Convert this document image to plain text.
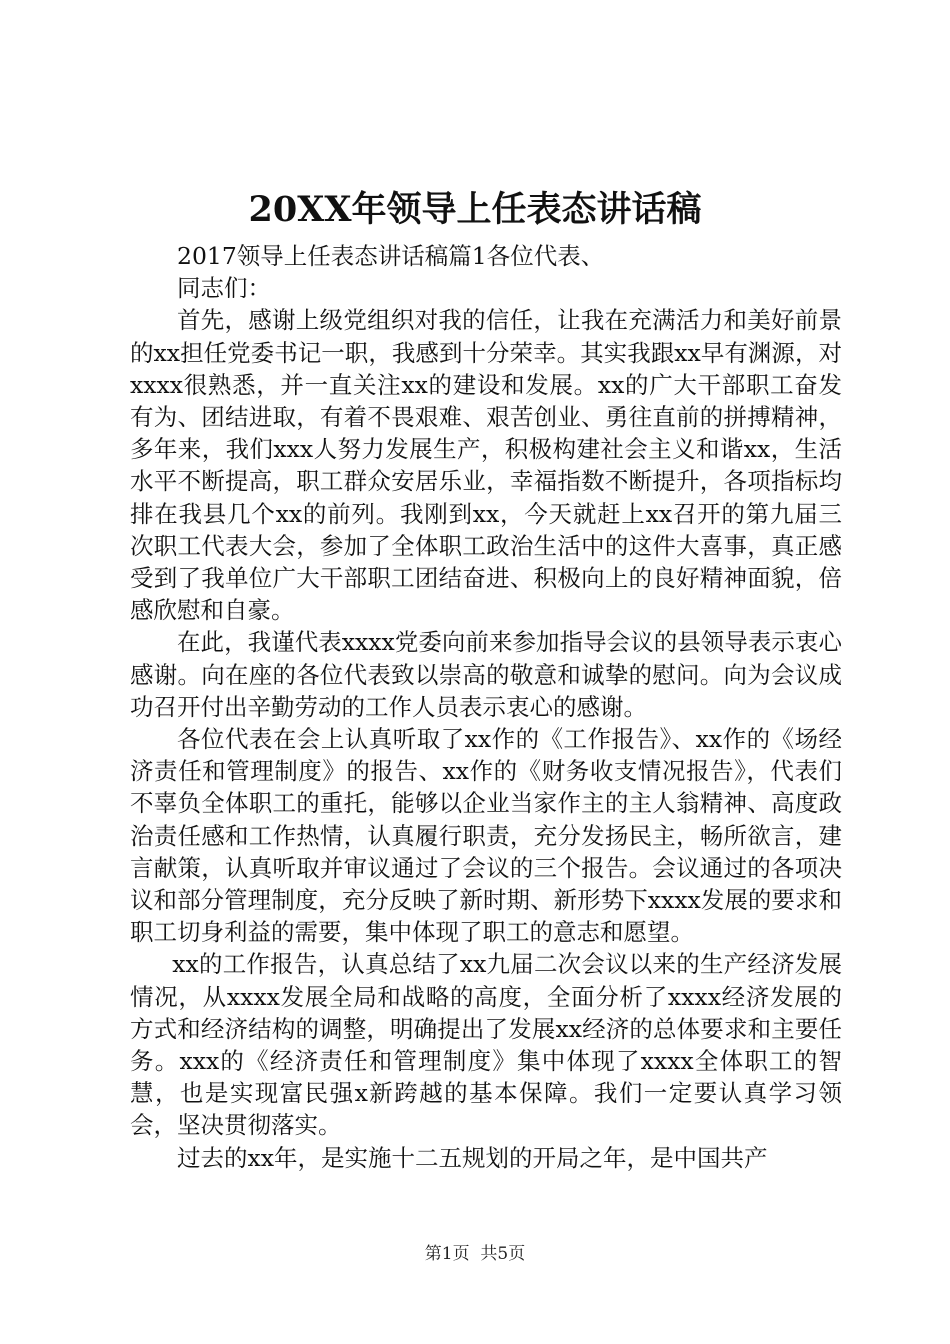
20XX年领导上任表态讲话稿

2017领导上任表态讲话稿篇1各位代表、

同志们：

首先，感谢上级党组织对我的信任，让我在充满活力和美好前景的xx担任党委书记一职，我感到十分荣幸。其实我跟xx早有渊源，对xxxx很熟悉，并一直关注xx的建设和发展。xx的广大干部职工奋发有为、团结进取，有着不畏艰难、艰苦创业、勇往直前的拼搏精神，多年来，我们xxx人努力发展生产，积极构建社会主义和谐xx，生活水平不断提高，职工群众安居乐业，幸福指数不断提升，各项指标均排在我县几个xx的前列。我刚到xx，今天就赶上xx召开的第九届三次职工代表大会，参加了全体职工政治生活中的这件大喜事，真正感受到了我单位广大干部职工团结奋进、积极向上的良好精神面貌，倍感欣慰和自豪。

在此，我谨代表xxxx党委向前来参加指导会议的县领导表示衷心感谢。向在座的各位代表致以崇高的敬意和诚挚的慰问。向为会议成功召开付出辛勤劳动的工作人员表示衷心的感谢。

各位代表在会上认真听取了xx作的《工作报告》、xx作的《场经济责任和管理制度》的报告、xx作的《财务收支情况报告》，代表们不辜负全体职工的重托，能够以企业当家作主的主人翁精神、高度政治责任感和工作热情，认真履行职责，充分发扬民主，畅所欲言，建言献策，认真听取并审议通过了会议的三个报告。会议通过的各项决议和部分管理制度，充分反映了新时期、新形势下xxxx发展的要求和职工切身利益的需要，集中体现了职工的意志和愿望。

xx的工作报告，认真总结了xx九届二次会议以来的生产经济发展情况，从xxxx发展全局和战略的高度，全面分析了xxxx经济发展的方式和经济结构的调整，明确提出了发展xx经济的总体要求和主要任务。xxx的《经济责任和管理制度》集中体现了xxxx全体职工的智慧，也是实现富民强x新跨越的基本保障。我们一定要认真学习领会，坚决贯彻落实。

过去的xx年，是实施十二五规划的开局之年，是中国共产

第1页 共5页
